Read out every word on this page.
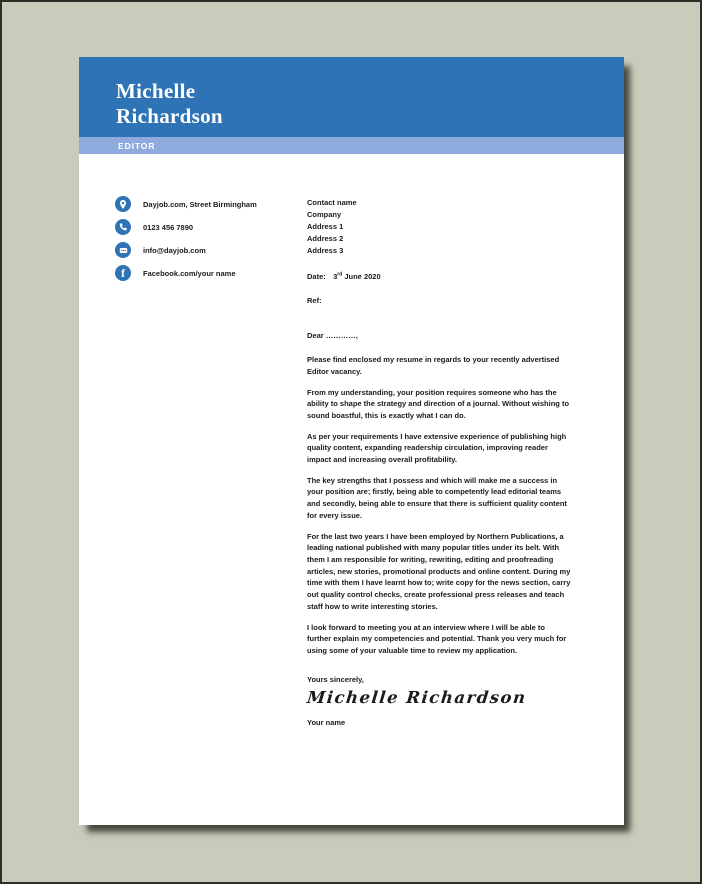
Michelle
Richardson
EDITOR
Dayjob.com, Street Birmingham
0123 456 7890
info@dayjob.com
f Facebook.com/your name
Contact name
Company
Address 1
Address 2
Address 3
Date: 3rd June 2020
Ref:
Dear …………,

Please find enclosed my resume in regards to your recently advertised Editor vacancy.

From my understanding, your position requires someone who has the ability to shape the strategy and direction of a journal. Without wishing to sound boastful, this is exactly what I can do.

As per your requirements I have extensive experience of publishing high quality content, expanding readership circulation, improving reader impact and increasing overall profitability.

The key strengths that I possess and which will make me a success in your position are; firstly, being able to competently lead editorial teams and secondly, being able to ensure that there is sufficient quality content for every issue.

For the last two years I have been employed by Northern Publications, a leading national published with many popular titles under its belt. With them I am responsible for writing, rewriting, editing and proofreading articles, new stories, promotional products and online content. During my time with them I have learnt how to; write copy for the news section, carry out quality control checks, create professional press releases and teach staff how to write interesting stories.

I look forward to meeting you at an interview where I will be able to further explain my competencies and potential. Thank you very much for using some of your valuable time to review my application.

Yours sincerely,
Michelle Richardson
Your name
